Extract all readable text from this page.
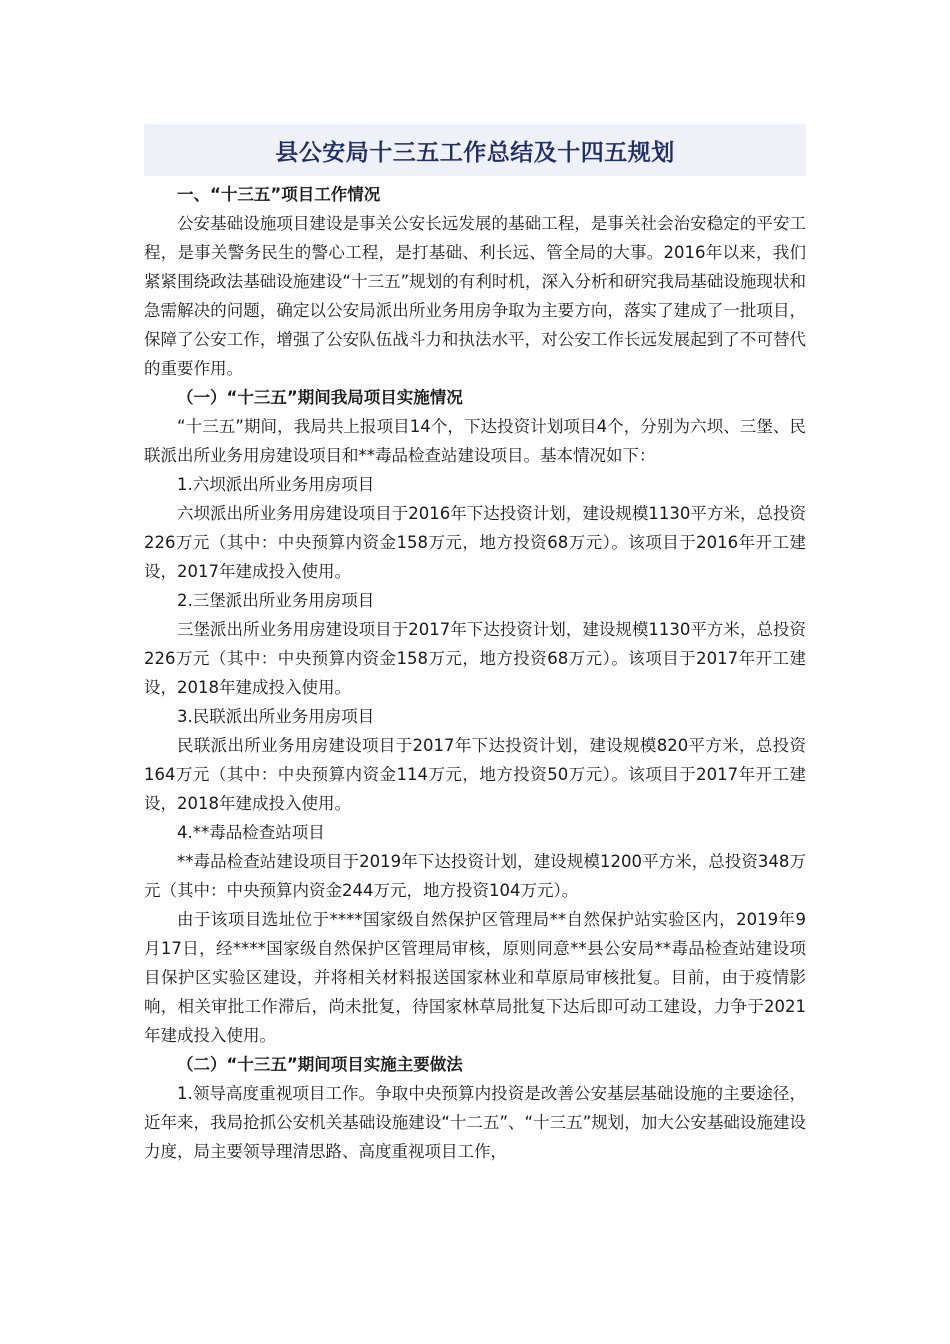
县公安局十三五工作总结及十四五规划

一、“十三五”项目工作情况

公安基础设施项目建设是事关公安长远发展的基础工程，是事关社会治安稳定的平安工程，是事关警务民生的警心工程，是打基础、利长远、管全局的大事。2016年以来，我们紧紧围绕政法基础设施建设“十三五”规划的有利时机，深入分析和研究我局基础设施现状和急需解决的问题，确定以公安局派出所业务用房争取为主要方向，落实了建成了一批项目，保障了公安工作，增强了公安队伍战斗力和执法水平，对公安工作长远发展起到了不可替代的重要作用。

（一）“十三五”期间我局项目实施情况

“十三五”期间，我局共上报项目14个，下达投资计划项目4个，分别为六坝、三堡、民联派出所业务用房建设项目和**毒品检查站建设项目。基本情况如下：

1.六坝派出所业务用房项目

六坝派出所业务用房建设项目于2016年下达投资计划，建设规模1130平方米，总投资226万元（其中：中央预算内资金158万元，地方投资68万元）。该项目于2016年开工建设，2017年建成投入使用。

2.三堡派出所业务用房项目

三堡派出所业务用房建设项目于2017年下达投资计划，建设规模1130平方米，总投资226万元（其中：中央预算内资金158万元，地方投资68万元）。该项目于2017年开工建设，2018年建成投入使用。

3.民联派出所业务用房项目

民联派出所业务用房建设项目于2017年下达投资计划，建设规模820平方米，总投资164万元（其中：中央预算内资金114万元，地方投资50万元）。该项目于2017年开工建设，2018年建成投入使用。

4.**毒品检查站项目

**毒品检查站建设项目于2019年下达投资计划，建设规模1200平方米，总投资348万元（其中：中央预算内资金244万元，地方投资104万元）。

由于该项目选址位于****国家级自然保护区管理局**自然保护站实验区内，2019年9月17日，经****国家级自然保护区管理局审核，原则同意**县公安局**毒品检查站建设项目保护区实验区建设，并将相关材料报送国家林业和草原局审核批复。目前，由于疫情影响，相关审批工作滞后，尚未批复，待国家林草局批复下达后即可动工建设，力争于2021年建成投入使用。

（二）“十三五”期间项目实施主要做法

1.领导高度重视项目工作。争取中央预算内投资是改善公安基层基础设施的主要途径，近年来，我局抢抓公安机关基础设施建设“十二五”、“十三五”规划，加大公安基础设施建设力度，局主要领导理清思路、高度重视项目工作，
